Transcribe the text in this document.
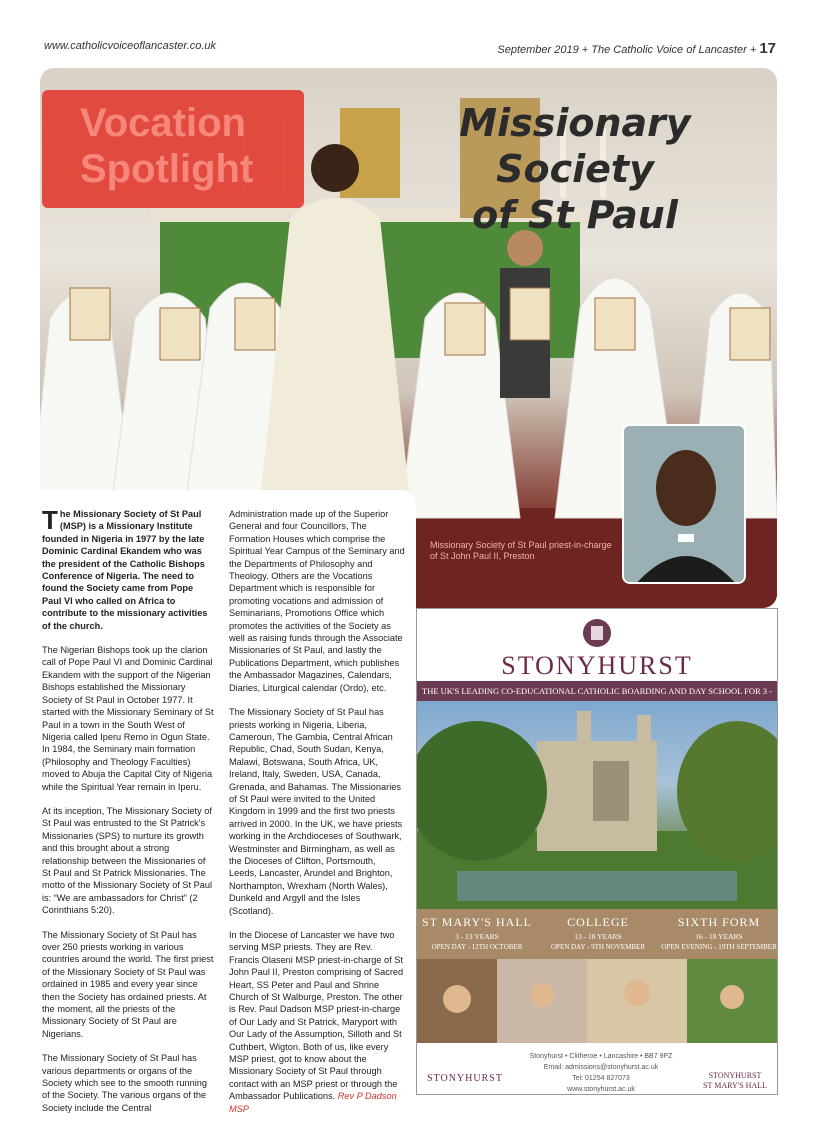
www.catholicvoiceoflancaster.co.uk	September 2019 + The Catholic Voice of Lancaster + 17
Vocation
Spotlight
Missionary Society
of St Paul
Missionary Society of St Paul priest-in-charge of St John Paul II, Preston

The Missionary Society of St Paul (MSP) is a Missionary Institute founded in Nigeria in 1977 by the late Dominic Cardinal Ekandem who was the president of the Catholic Bishops Conference of Nigeria. The need to found the Society came from Pope Paul VI who called on Africa to contribute to the missionary activities of the church.

The Nigerian Bishops took up the clarion call of Pope Paul VI and Dominic Cardinal Ekandem with the support of the Nigerian Bishops established the Missionary Society of St Paul in October 1977. It started with the Missionary Seminary of St Paul in a town in the South West of Nigeria called Iperu Remo in Ogun State. In 1984, the Seminary main formation (Philosophy and Theology Faculties) moved to Abuja the Capital City of Nigeria while the Spiritual Year remain in Iperu.

At its inception, The Missionary Society of St Paul was entrusted to the St Patrick's Missionaries (SPS) to nurture its growth and this brought about a strong relationship between the Missionaries of St Paul and St Patrick Missionaries. The motto of the Missionary Society of St Paul is: “We are ambassadors for Christ” (2 Corinthians 5:20).

The Missionary Society of St Paul has over 250 priests working in various countries around the world. The first priest of the Missionary Society of St Paul was ordained in 1985 and every year since then the Society has ordained priests. At the moment, all the priests of the Missionary Society of St Paul are Nigerians.

The Missionary Society of St Paul has various departments or organs of the Society which see to the smooth running of the Society. The various organs of the Society include the Central

Administration made up of the Superior General and four Councillors, The Formation Houses which comprise the Spiritual Year Campus of the Seminary and the Departments of Philosophy and Theology. Others are the Vocations Department which is responsible for promoting vocations and admission of Seminarians, Promotions Office which promotes the activities of the Society as well as raising funds through the Associate Missionaries of St Paul, and lastly the Publications Department, which publishes the Ambassador Magazines, Calendars, Diaries, Liturgical calendar (Ordo), etc.

The Missionary Society of St Paul has priests working in Nigeria, Liberia, Cameroun, The Gambia, Central African Republic, Chad, South Sudan, Kenya, Malawi, Botswana, South Africa, UK, Ireland, Italy, Sweden, USA, Canada, Grenada, and Bahamas. The Missionaries of St Paul were invited to the United Kingdom in 1999 and the first two priests arrived in 2000. In the UK, we have priests working in the Archdioceses of Southwark, Westminster and Birmingham, as well as the Dioceses of Clifton, Portsmouth, Leeds, Lancaster, Arundel and Brighton, Northampton, Wrexham (North Wales), Dunkeld and Argyll and the Isles (Scotland).

In the Diocese of Lancaster we have two serving MSP priests. They are Rev. Francis Olaseni MSP priest-in-charge of St John Paul II, Preston comprising of Sacred Heart, SS Peter and Paul and Shrine Church of St Walburge, Preston. The other is Rev. Paul Dadson MSP priest-in-charge of Our Lady and St Patrick, Maryport with Our Lady of the Assumption, Silloth and St Cuthbert, Wigton. Both of us, like every MSP priest, got to know about the Missionary Society of St Paul through contact with an MSP priest or through the Ambassador Publications. Rev P Dadson MSP

STONYHURST
THE UK'S LEADING CO-EDUCATIONAL CATHOLIC BOARDING AND DAY SCHOOL FOR 3 -
ST MARY'S HALL
3 - 13 YEARS
OPEN DAY - 12TH OCTOBER
COLLEGE
13 - 18 YEARS
OPEN DAY - 9TH NOVEMBER
SIXTH FORM
16 - 18 YEARS
OPEN EVENING - 19TH SEPTEMBER
Stonyhurst • Clitheroe • Lancashire • BB7 9PZ
Email: admissions@stonyhurst.ac.uk
Tel: 01254 827073
www.stonyhurst.ac.uk
STONYHURST	STONYHURST
ST MARY'S HALL
